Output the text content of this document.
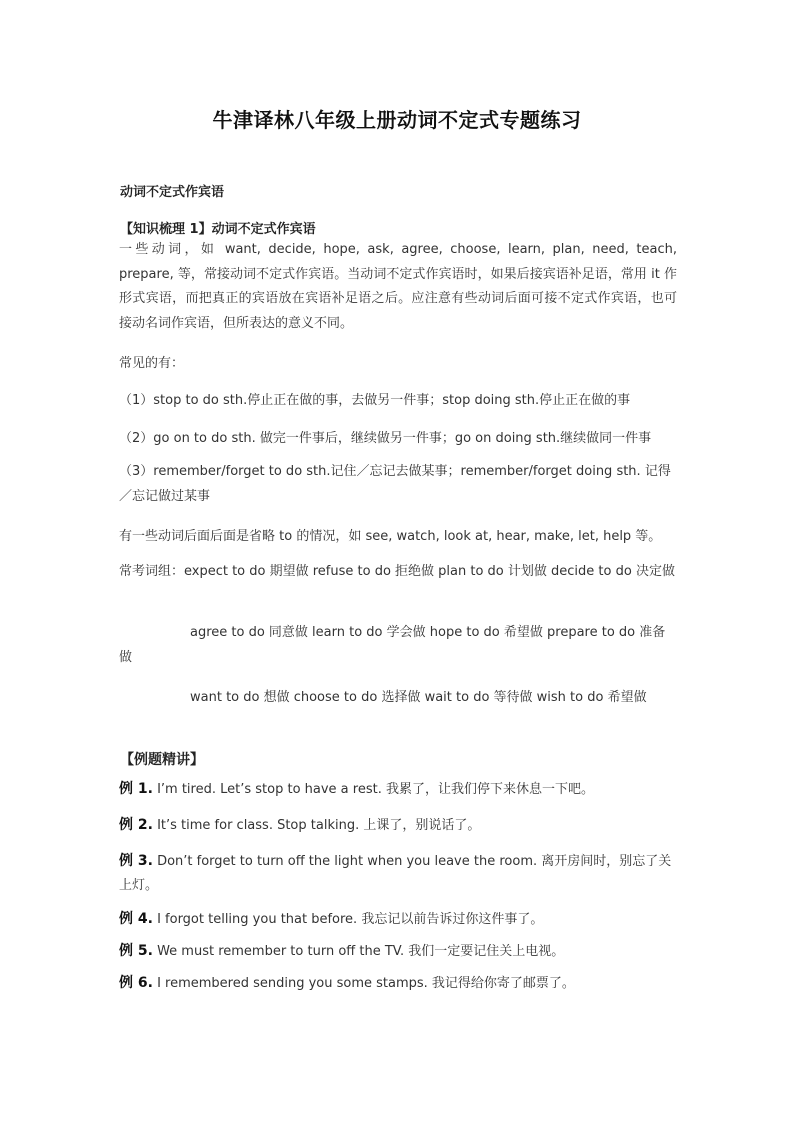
牛津译林八年级上册动词不定式专题练习
动词不定式作宾语
【知识梳理 1】动词不定式作宾语
一些动词，如 want, decide, hope, ask, agree, choose, learn, plan, need, teach, prepare, 等，常接动词不定式作宾语。当动词不定式作宾语时，如果后接宾语补足语，常用 it 作形式宾语，而把真正的宾语放在宾语补足语之后。应注意有些动词后面可接不定式作宾语，也可接动名词作宾语，但所表达的意义不同。
常见的有：
（1）stop to do sth.停止正在做的事，去做另一件事；stop doing sth.停止正在做的事
（2）go on to do sth. 做完一件事后，继续做另一件事；go on doing sth.继续做同一件事
（3）remember/forget to do sth.记住／忘记去做某事；remember/forget doing sth. 记得／忘记做过某事
有一些动词后面后面是省略 to 的情况，如 see, watch, look at, hear, make, let, help 等。
常考词组：expect to do 期望做 refuse to do 拒绝做 plan to do 计划做 decide to do 决定做
agree to do 同意做 learn to do 学会做 hope to do 希望做 prepare to do 准备做
want to do 想做 choose to do 选择做 wait to do 等待做 wish to do 希望做
【例题精讲】
例 1. I’m tired. Let’s stop to have a rest. 我累了，让我们停下来休息一下吧。
例 2. It’s time for class. Stop talking. 上课了，别说话了。
例 3. Don’t forget to turn off the light when you leave the room. 离开房间时，别忘了关上灯。
例 4. I forgot telling you that before. 我忘记以前告诉过你这件事了。
例 5. We must remember to turn off the TV. 我们一定要记住关上电视。
例 6. I remembered sending you some stamps. 我记得给你寄了邮票了。
